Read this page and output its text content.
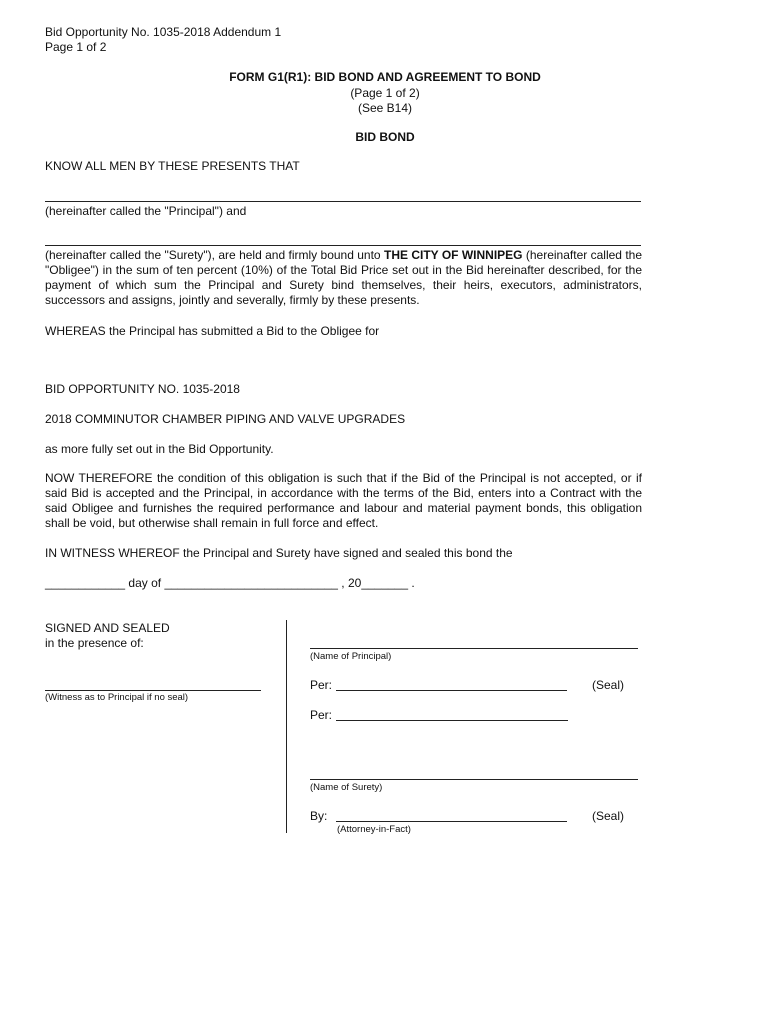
Bid Opportunity No. 1035-2018 Addendum 1
Page 1 of 2
FORM G1(R1): BID BOND AND AGREEMENT TO BOND
(Page 1 of 2)
(See B14)
BID BOND
KNOW ALL MEN BY THESE PRESENTS THAT
(hereinafter called the "Principal") and
(hereinafter called the "Surety"), are held and firmly bound unto THE CITY OF WINNIPEG (hereinafter called the "Obligee") in the sum of ten percent (10%) of the Total Bid Price set out in the Bid hereinafter described, for the payment of which sum the Principal and Surety bind themselves, their heirs, executors, administrators, successors and assigns, jointly and severally, firmly by these presents.
WHEREAS the Principal has submitted a Bid to the Obligee for
BID OPPORTUNITY NO. 1035-2018
2018 COMMINUTOR CHAMBER PIPING AND VALVE UPGRADES
as more fully set out in the Bid Opportunity.
NOW THEREFORE the condition of this obligation is such that if the Bid of the Principal is not accepted, or if said Bid is accepted and the Principal, in accordance with the terms of the Bid, enters into a Contract with the said Obligee and furnishes the required performance and labour and material payment bonds, this obligation shall be void, but otherwise shall remain in full force and effect.
IN WITNESS WHEREOF the Principal and Surety have signed and sealed this bond the
____________ day of __________________________ , 20_______ .
SIGNED AND SEALED
in the presence of:
(Witness as to Principal if no seal)
(Name of Principal)
Per:	(Seal)
Per:
(Name of Surety)
By:	(Seal)
(Attorney-in-Fact)
